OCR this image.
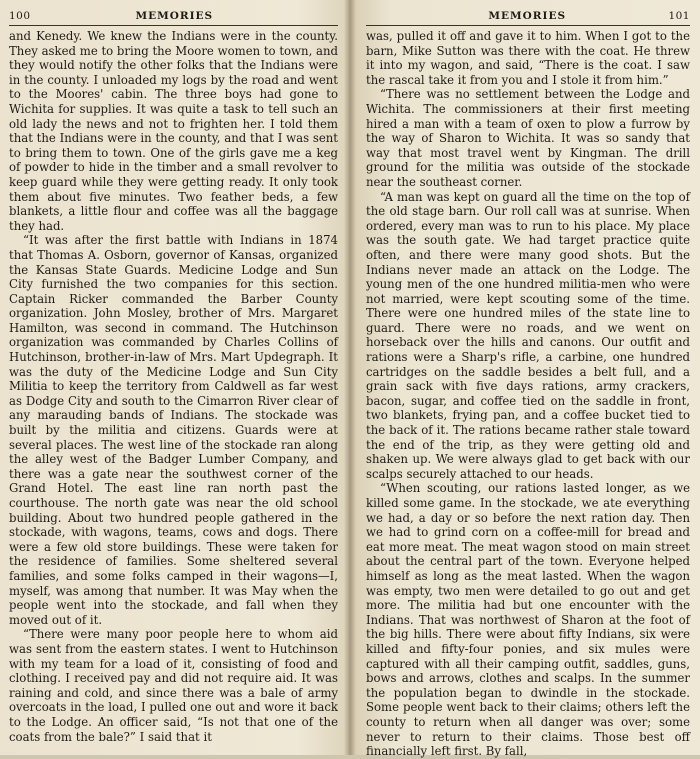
100	MEMORIES

and Kenedy. We knew the Indians were in the county. They asked me to bring the Moore women to town, and they would notify the other folks that the Indians were in the county. I unloaded my logs by the road and went to the Moores' cabin. The three boys had gone to Wichita for supplies. It was quite a task to tell such an old lady the news and not to frighten her. I told them that the Indians were in the county, and that I was sent to bring them to town. One of the girls gave me a keg of powder to hide in the timber and a small revolver to keep guard while they were getting ready. It only took them about five minutes. Two feather beds, a few blankets, a little flour and coffee was all the baggage they had.

“It was after the first battle with Indians in 1874 that Thomas A. Osborn, governor of Kansas, organized the Kansas State Guards. Medicine Lodge and Sun City furnished the two companies for this section. Captain Ricker commanded the Barber County organization. John Mosley, brother of Mrs. Margaret Hamilton, was second in command. The Hutchinson organization was commanded by Charles Collins of Hutchinson, brother-in-law of Mrs. Mart Updegraph. It was the duty of the Medicine Lodge and Sun City Militia to keep the territory from Caldwell as far west as Dodge City and south to the Cimarron River clear of any marauding bands of Indians. The stockade was built by the militia and citizens. Guards were at several places. The west line of the stockade ran along the alley west of the Badger Lumber Company, and there was a gate near the southwest corner of the Grand Hotel. The east line ran north past the courthouse. The north gate was near the old school building. About two hundred people gathered in the stockade, with wagons, teams, cows and dogs. There were a few old store buildings. These were taken for the residence of families. Some sheltered several families, and some folks camped in their wagons—I, myself, was among that number. It was May when the people went into the stockade, and fall when they moved out of it.

“There were many poor people here to whom aid was sent from the eastern states. I went to Hutchinson with my team for a load of it, consisting of food and clothing. I received pay and did not require aid. It was raining and cold, and since there was a bale of army overcoats in the load, I pulled one out and wore it back to the Lodge. An officer said, “Is not that one of the coats from the bale?” I said that it

MEMORIES	101

was, pulled it off and gave it to him. When I got to the barn, Mike Sutton was there with the coat. He threw it into my wagon, and said, “There is the coat. I saw the rascal take it from you and I stole it from him.”

“There was no settlement between the Lodge and Wichita. The commissioners at their first meeting hired a man with a team of oxen to plow a furrow by the way of Sharon to Wichita. It was so sandy that way that most travel went by Kingman. The drill ground for the militia was outside of the stockade near the southeast corner.

“A man was kept on guard all the time on the top of the old stage barn. Our roll call was at sunrise. When ordered, every man was to run to his place. My place was the south gate. We had target practice quite often, and there were many good shots. But the Indians never made an attack on the Lodge. The young men of the one hundred militia-men who were not married, were kept scouting some of the time. There were one hundred miles of the state line to guard. There were no roads, and we went on horseback over the hills and canons. Our outfit and rations were a Sharp's rifle, a carbine, one hundred cartridges on the saddle besides a belt full, and a grain sack with five days rations, army crackers, bacon, sugar, and coffee tied on the saddle in front, two blankets, frying pan, and a coffee bucket tied to the back of it. The rations became rather stale toward the end of the trip, as they were getting old and shaken up. We were always glad to get back with our scalps securely attached to our heads.

“When scouting, our rations lasted longer, as we killed some game. In the stockade, we ate everything we had, a day or so before the next ration day. Then we had to grind corn on a coffee-mill for bread and eat more meat. The meat wagon stood on main street about the central part of the town. Everyone helped himself as long as the meat lasted. When the wagon was empty, two men were detailed to go out and get more. The militia had but one encounter with the Indians. That was northwest of Sharon at the foot of the big hills. There were about fifty Indians, six were killed and fifty-four ponies, and six mules were captured with all their camping outfit, saddles, guns, bows and arrows, clothes and scalps. In the summer the population began to dwindle in the stockade. Some people went back to their claims; others left the county to return when all danger was over; some never to return to their claims. Those best off financially left first. By fall,
